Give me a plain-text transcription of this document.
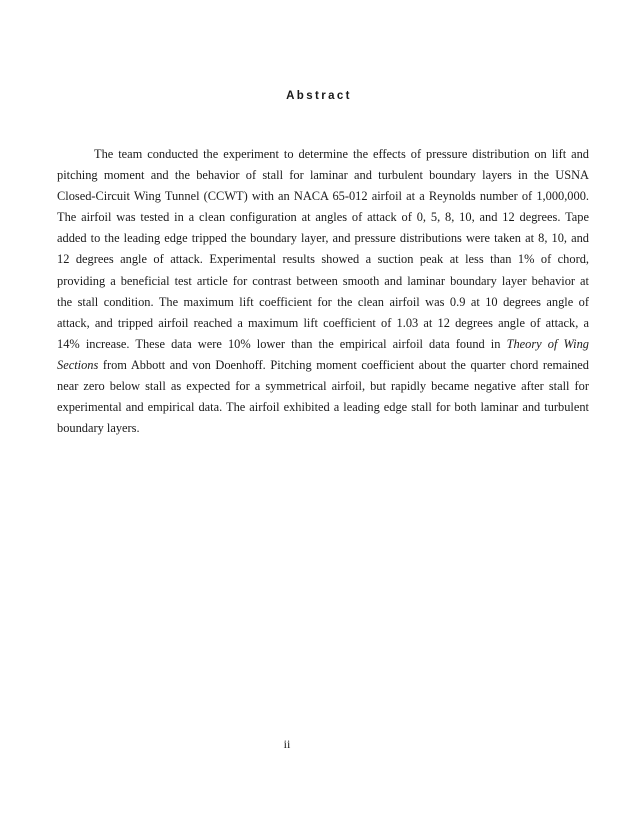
Abstract
The team conducted the experiment to determine the effects of pressure distribution on lift and
pitching moment and the behavior of stall for laminar and turbulent boundary layers in the USNA
Closed-Circuit Wing Tunnel (CCWT) with an NACA 65-012 airfoil at a Reynolds number of 1,000,000.
The airfoil was tested in a clean configuration at angles of attack of 0, 5, 8, 10, and 12 degrees. Tape
added to the leading edge tripped the boundary layer, and pressure distributions were taken at 8, 10, and
12 degrees angle of attack. Experimental results showed a suction peak at less than 1% of chord,
providing a beneficial test article for contrast between smooth and laminar boundary layer behavior at
the stall condition. The maximum lift coefficient for the clean airfoil was 0.9 at 10 degrees angle of
attack, and tripped airfoil reached a maximum lift coefficient of 1.03 at 12 degrees angle of attack, a
14% increase. These data were 10% lower than the empirical airfoil data found in Theory of Wing
Sections from Abbott and von Doenhoff. Pitching moment coefficient about the quarter chord remained
near zero below stall as expected for a symmetrical airfoil, but rapidly became negative after stall for
experimental and empirical data. The airfoil exhibited a leading edge stall for both laminar and turbulent
boundary layers.
ii
